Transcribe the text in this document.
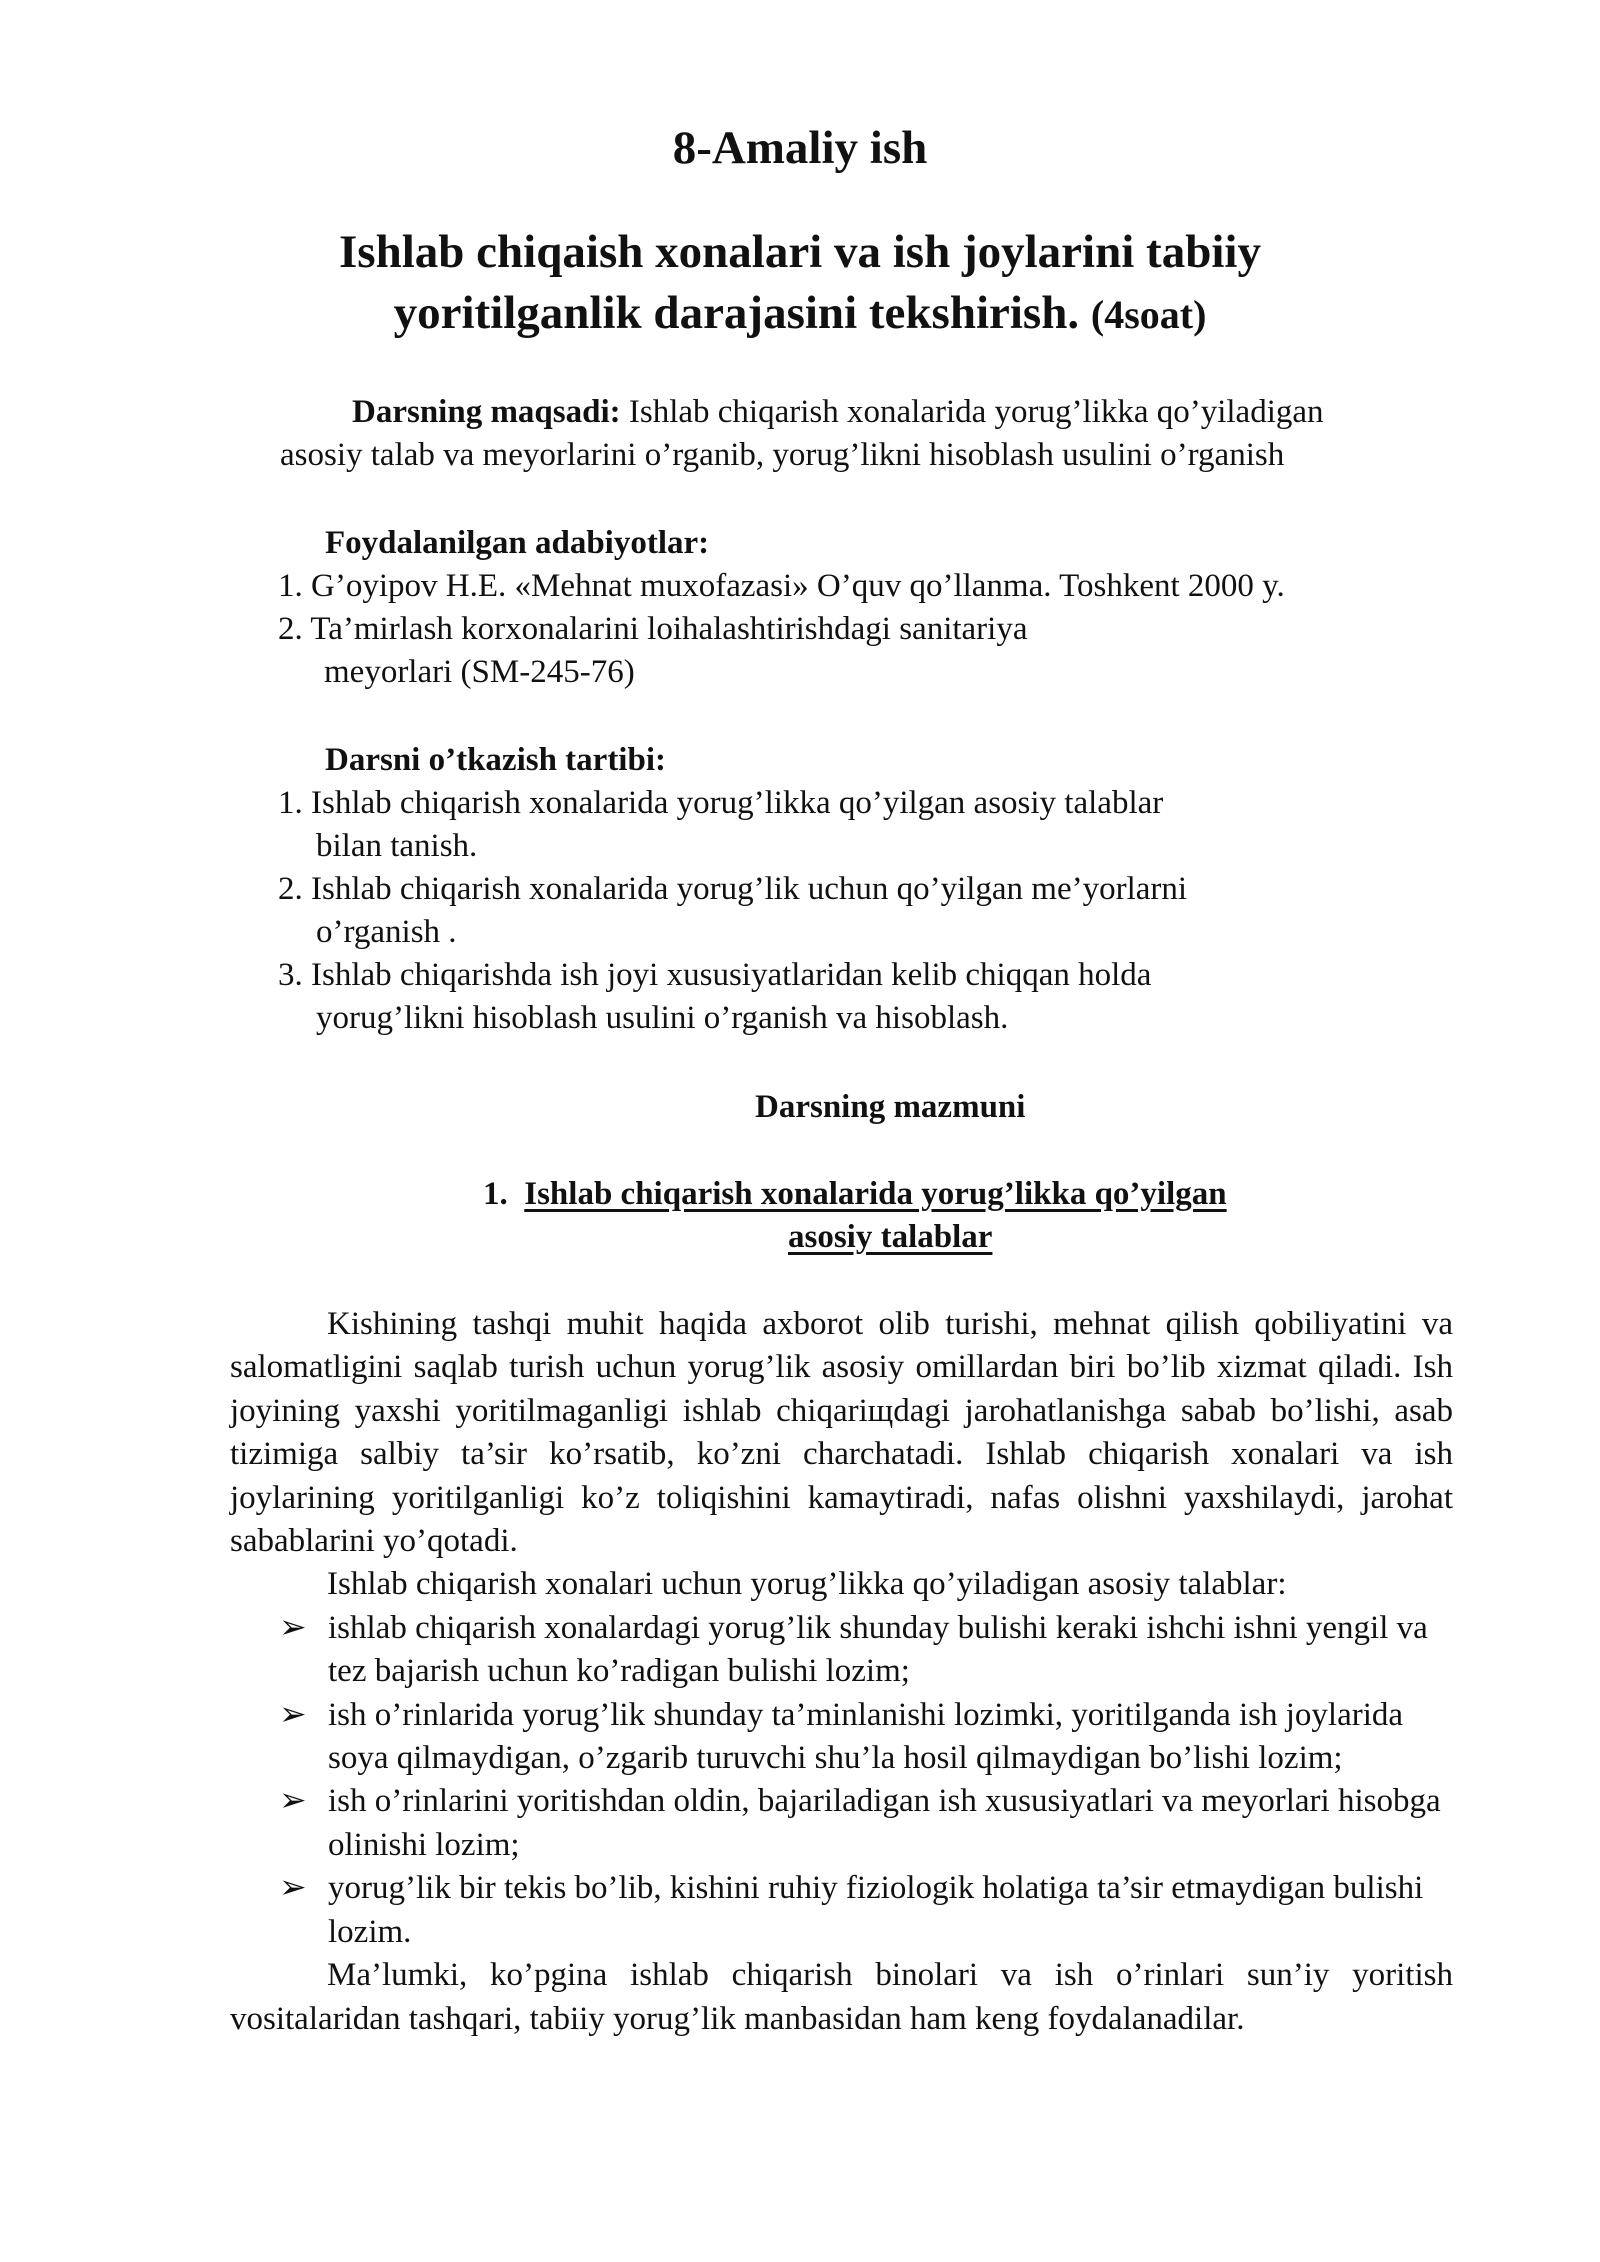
8-Amaliy ish
Ishlab chiqaish xonalari va ish joylarini tabiiy
yoritilganlik darajasini tekshirish. (4soat)
Darsning maqsadi: Ishlab chiqarish xonalarida yorug’likka qo’yiladigan
asosiy talab va meyorlarini o’rganib, yorug’likni hisoblash usulini o’rganish
Foydalanilgan adabiyotlar:
1. G’oyipov H.E. «Mehnat muxofazasi» O’quv qo’llanma. Toshkent 2000 y.
2. Ta’mirlash korxonalarini loihalashtirishdagi sanitariya
meyorlari (SM-245-76)
Darsni o’tkazish tartibi:
1. Ishlab chiqarish xonalarida yorug’likka qo’yilgan asosiy talablar
bilan tanish.
2. Ishlab chiqarish xonalarida yorug’lik uchun qo’yilgan me’yorlarni
o’rganish .
3. Ishlab chiqarishda ish joyi xususiyatlaridan kelib chiqqan holda
yorug’likni hisoblash usulini o’rganish va hisoblash.
Darsning mazmuni
1. Ishlab chiqarish xonalarida yorug’likka qo’yilgan
asosiy talablar

Kishining tashqi muhit haqida axborot olib turishi, mehnat qilish qobiliyatini va salomatligini saqlab turish uchun yorug’lik asosiy omillardan biri bo’lib xizmat qiladi. Ish joyining yaxshi yoritilmaganligi ishlab chiqariщdagi jarohatlanishga sabab bo’lishi, asab tizimiga salbiy ta’sir ko’rsatib, ko’zni charchatadi. Ishlab chiqarish xonalari va ish joylarining yoritilganligi ko’z toliqishini kamaytiradi, nafas olishni yaxshilaydi, jarohat sabablarini yo’qotadi.

Ishlab chiqarish xonalari uchun yorug’likka qo’yiladigan asosiy talablar:

➢ ishlab chiqarish xonalardagi yorug’lik shunday bulishi keraki ishchi ishni yengil va tez bajarish uchun ko’radigan bulishi lozim;
➢ ish o’rinlarida yorug’lik shunday ta’minlanishi lozimki, yoritilganda ish joylarida soya qilmaydigan, o’zgarib turuvchi shu’la hosil qilmaydigan bo’lishi lozim;
➢ ish o’rinlarini yoritishdan oldin, bajariladigan ish xususiyatlari va meyorlari hisobga olinishi lozim;
➢ yorug’lik bir tekis bo’lib, kishini ruhiy fiziologik holatiga ta’sir etmaydigan bulishi lozim.

Ma’lumki, ko’pgina ishlab chiqarish binolari va ish o’rinlari sun’iy yoritish vositalaridan tashqari, tabiiy yorug’lik manbasidan ham keng foydalanadilar.
